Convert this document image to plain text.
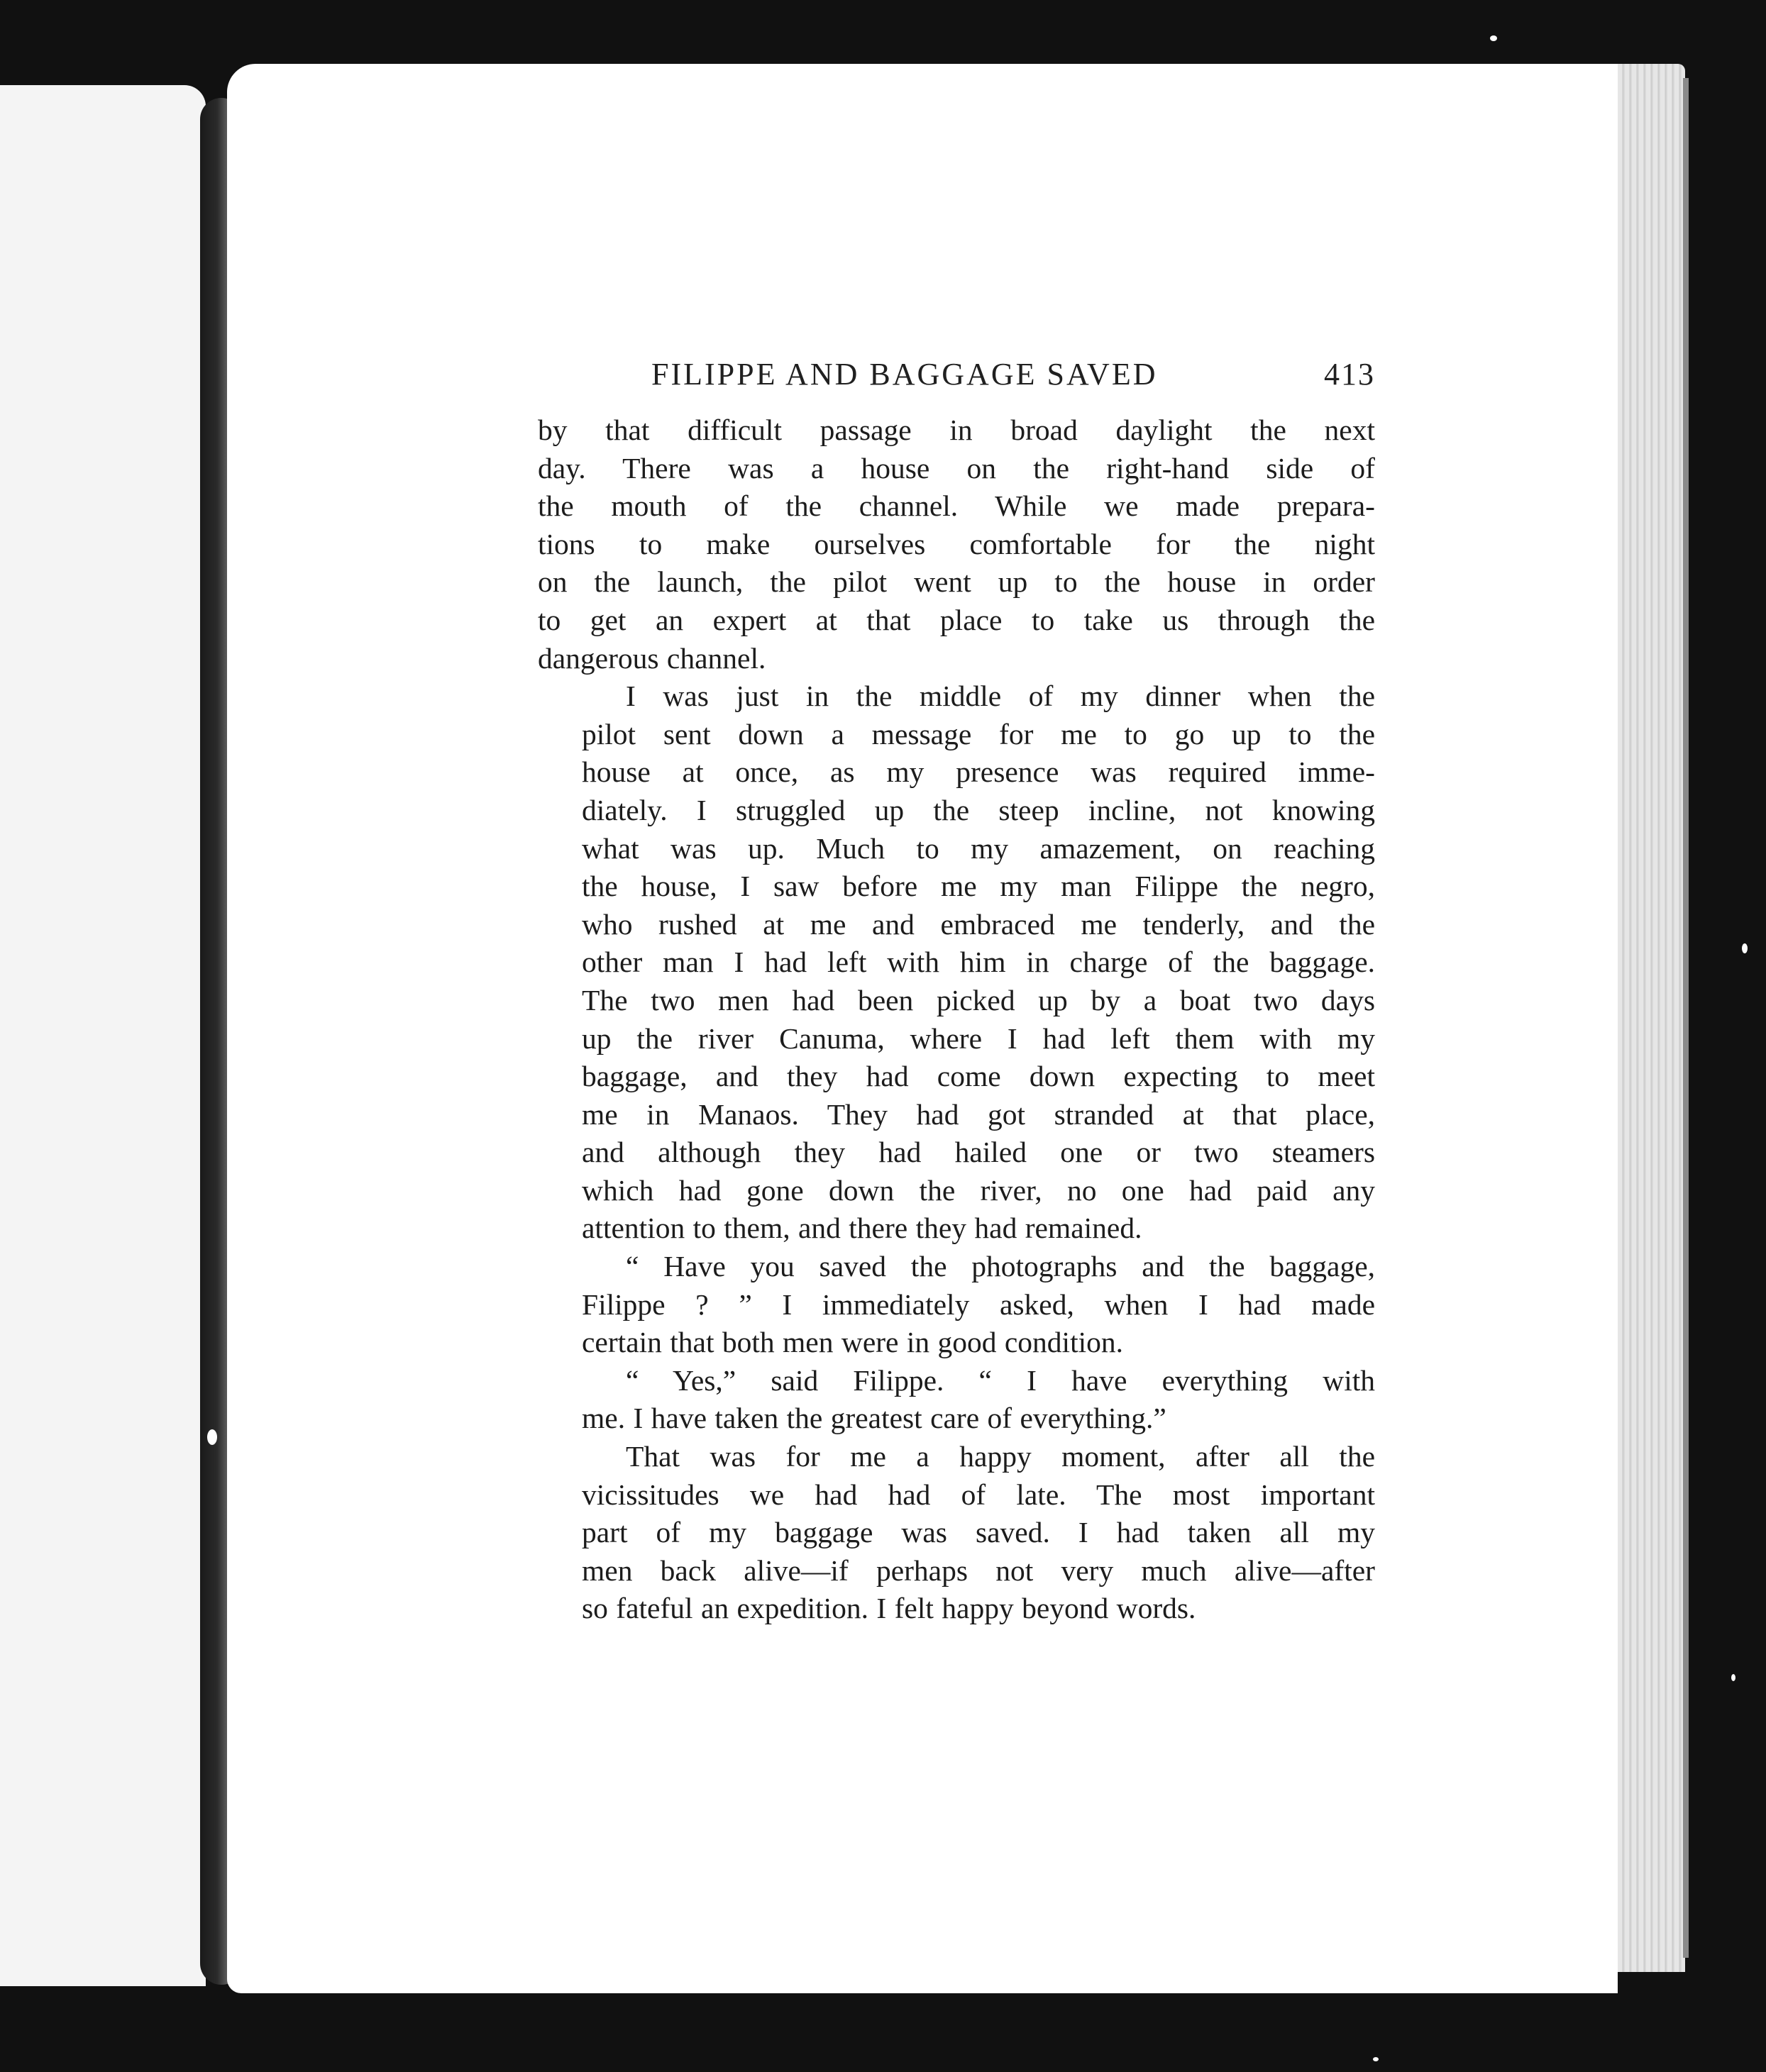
FILIPPE AND BAGGAGE SAVED	413
by that difficult passage in broad daylight the next
day. There was a house on the right-hand side of
the mouth of the channel. While we made prepara-
tions to make ourselves comfortable for the night
on the launch, the pilot went up to the house in order
to get an expert at that place to take us through the
dangerous channel.
I was just in the middle of my dinner when the
pilot sent down a message for me to go up to the
house at once, as my presence was required imme-
diately. I struggled up the steep incline, not knowing
what was up. Much to my amazement, on reaching
the house, I saw before me my man Filippe the negro,
who rushed at me and embraced me tenderly, and the
other man I had left with him in charge of the baggage.
The two men had been picked up by a boat two days
up the river Canuma, where I had left them with my
baggage, and they had come down expecting to meet
me in Manaos. They had got stranded at that place,
and although they had hailed one or two steamers
which had gone down the river, no one had paid any
attention to them, and there they had remained.
“ Have you saved the photographs and the baggage,
Filippe ? ” I immediately asked, when I had made
certain that both men were in good condition.
“ Yes,” said Filippe. “ I have everything with
me. I have taken the greatest care of everything.”
That was for me a happy moment, after all the
vicissitudes we had had of late. The most important
part of my baggage was saved. I had taken all my
men back alive—if perhaps not very much alive—after
so fateful an expedition. I felt happy beyond words.
